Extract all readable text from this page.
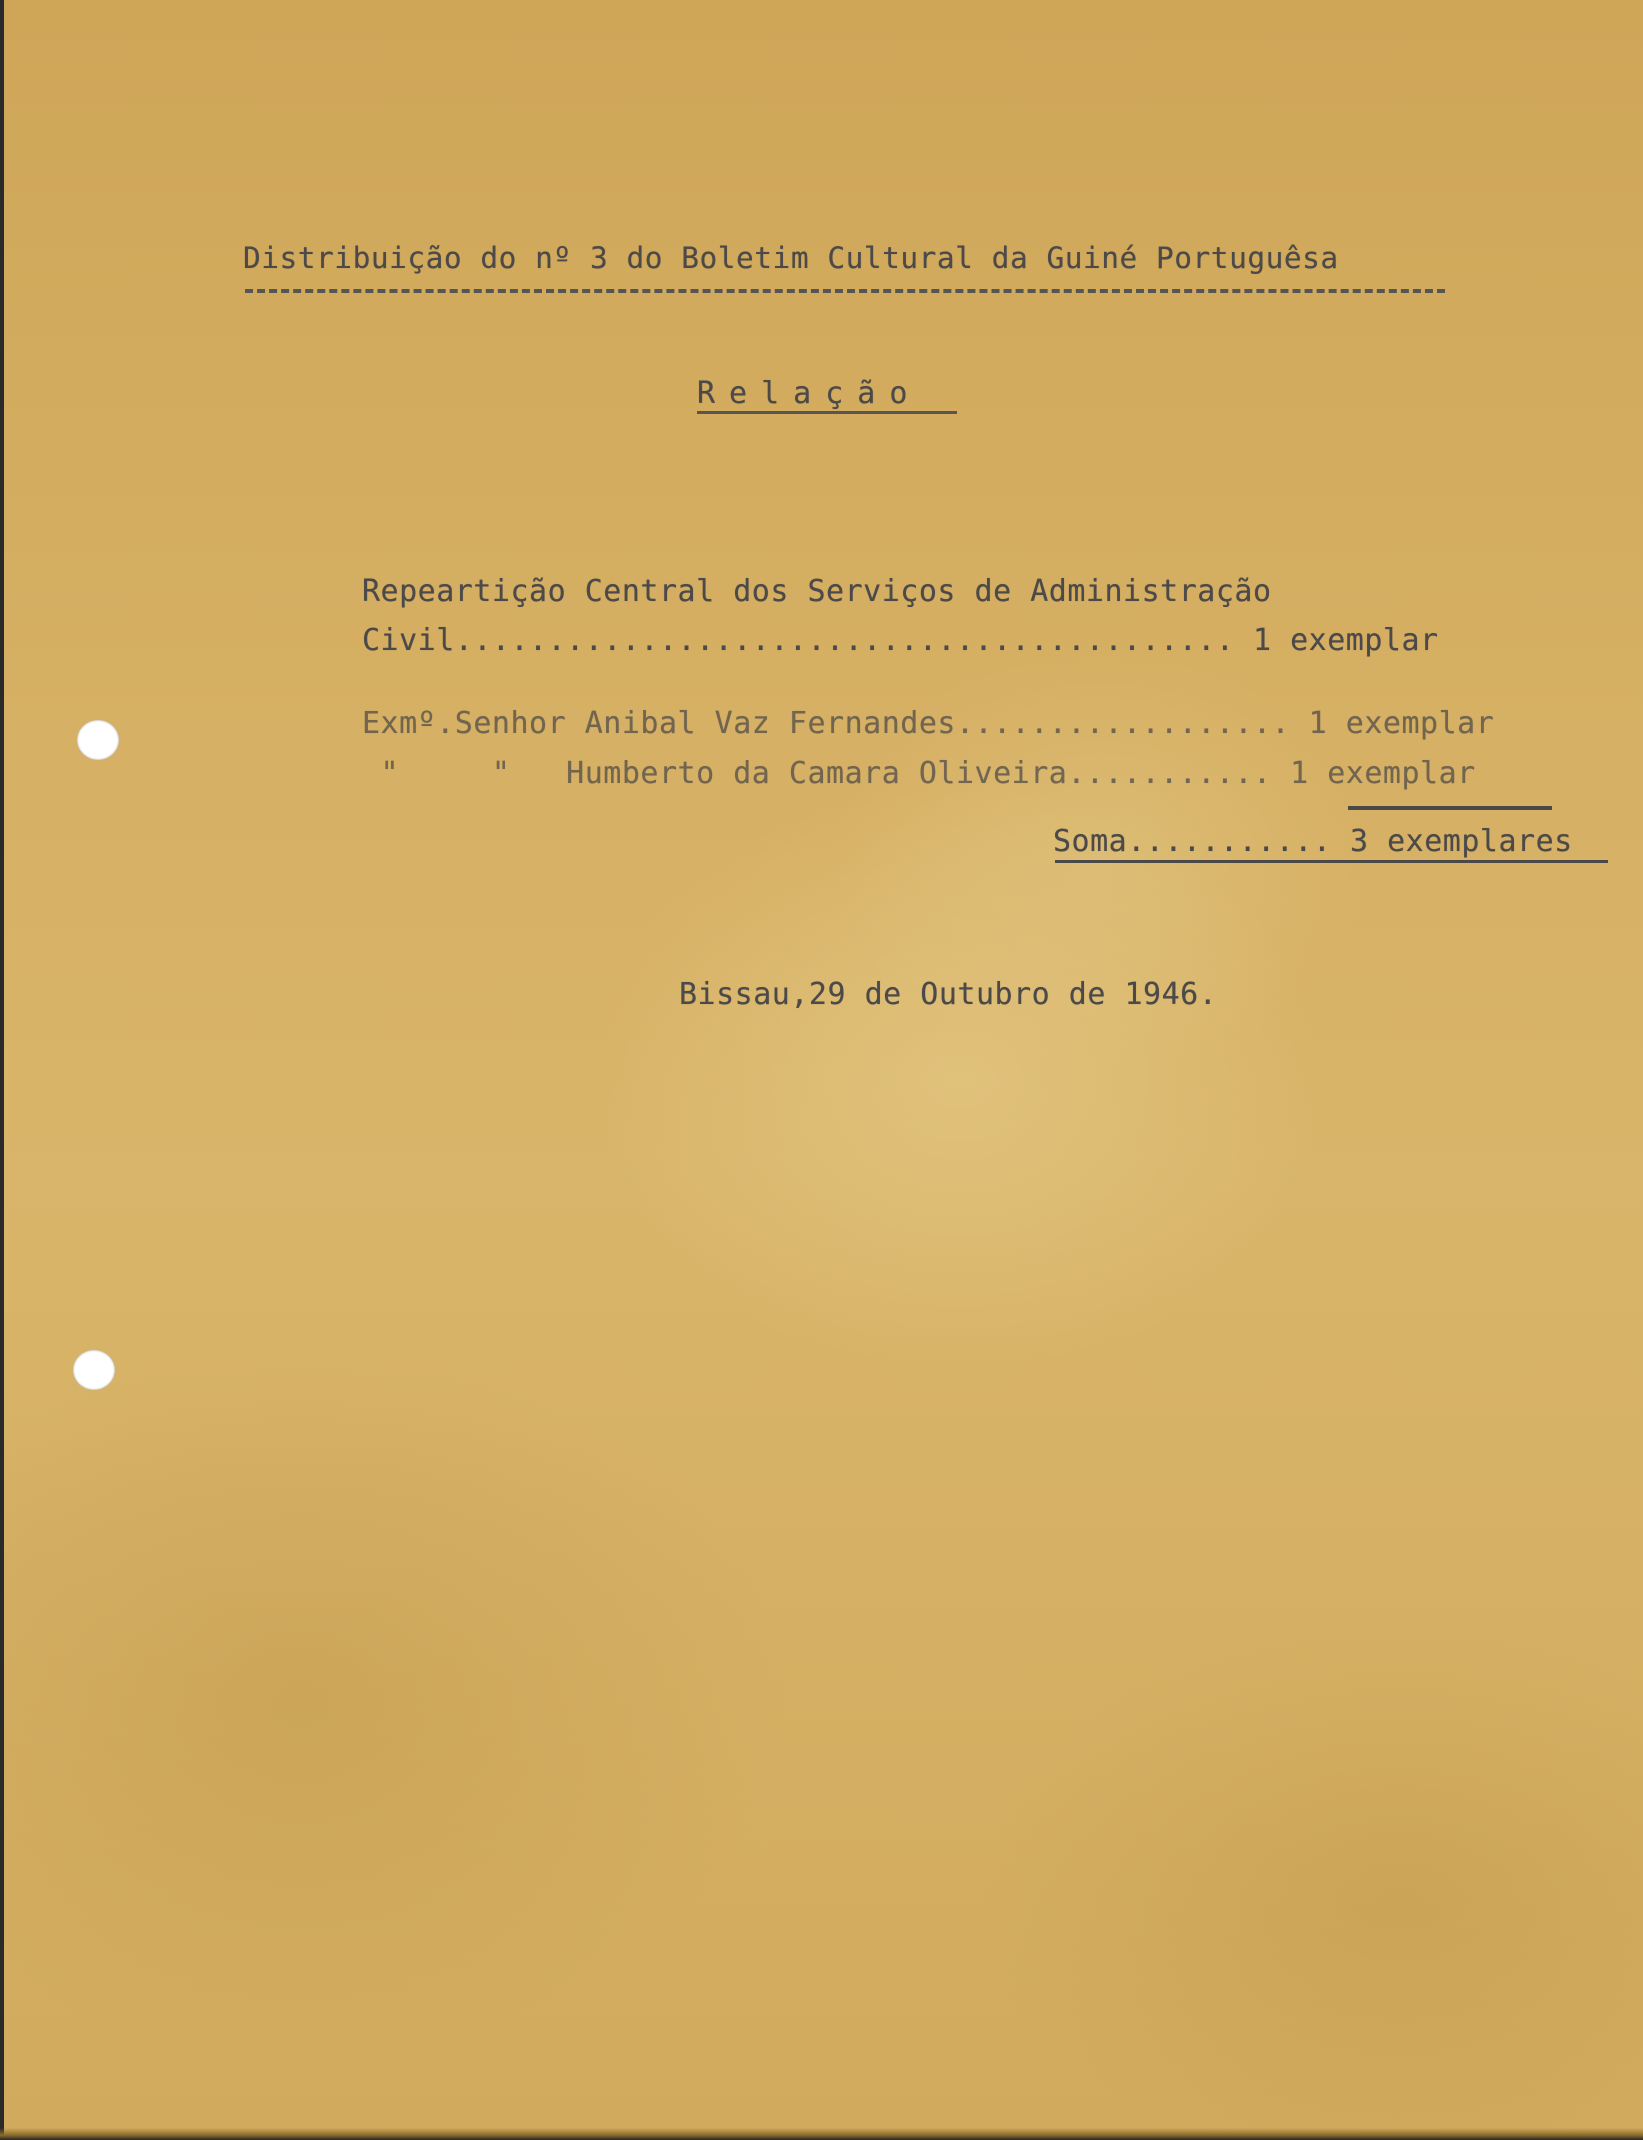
Distribuição do nº 3 do Boletim Cultural da Guiné Portuguêsa
Relação
Repeartição Central dos Serviços de Administração
Civil.......................................... 1 exemplar
Exmº.Senhor Anibal Vaz Fernandes.................. 1 exemplar
"     "   Humberto da Camara Oliveira........... 1 exemplar
Soma........... 3 exemplares
Bissau,29 de Outubro de 1946.
